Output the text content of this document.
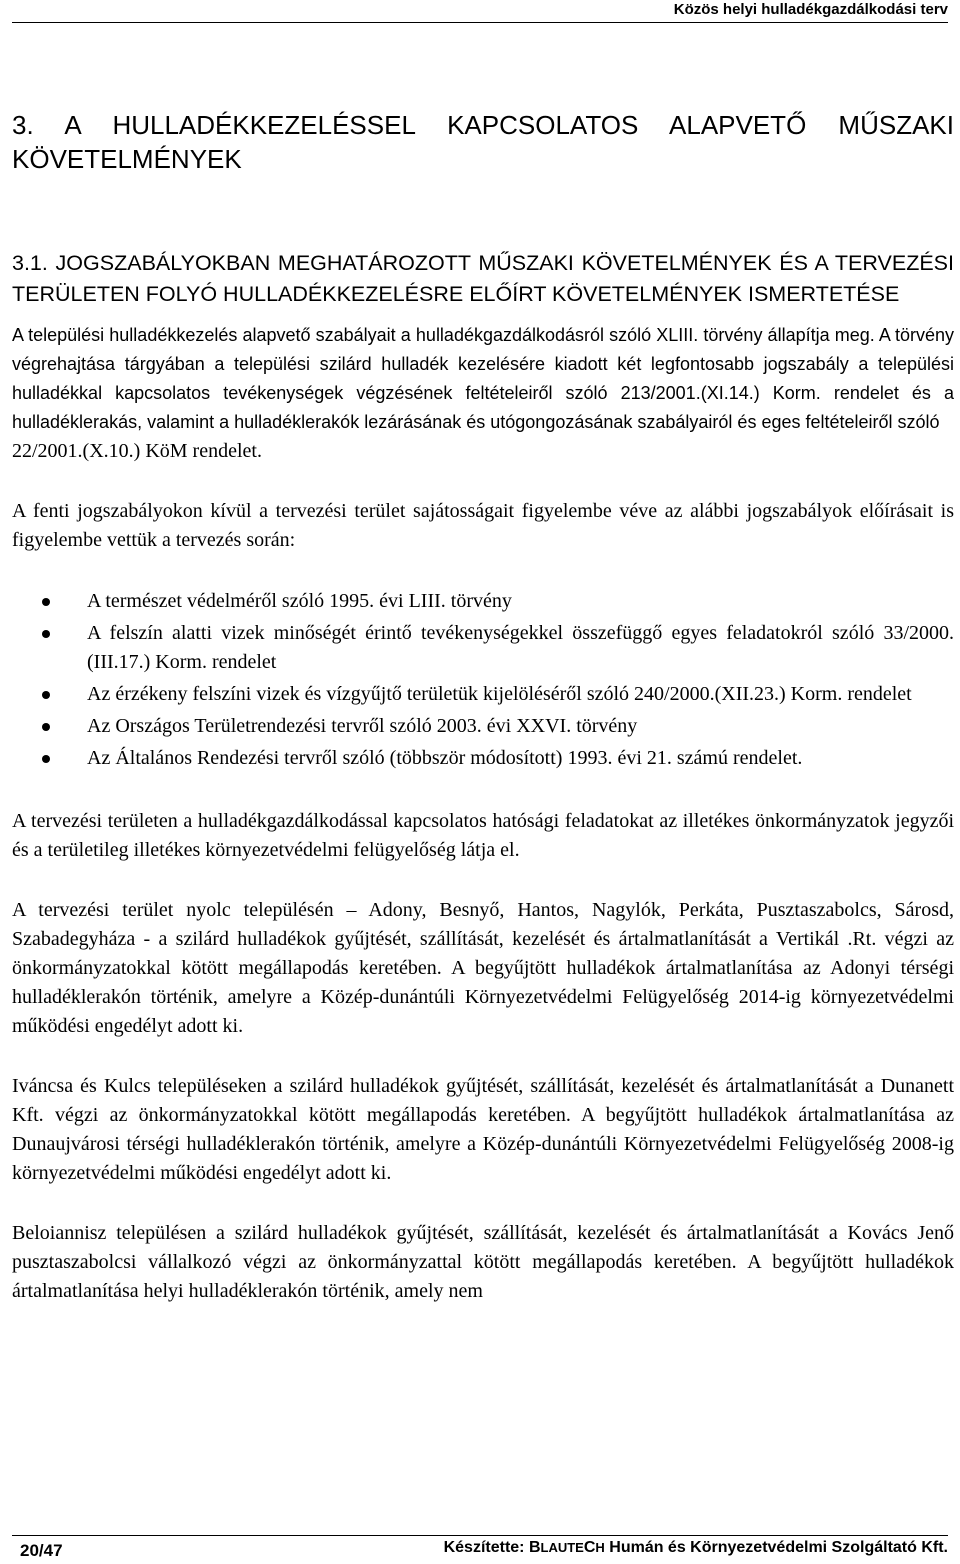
Közös helyi hulladékgazdálkodási terv
3. A HULLADÉKKEZELÉSSEL KAPCSOLATOS ALAPVETŐ MŰSZAKI KÖVETELMÉNYEK
3.1. JOGSZABÁLYOKBAN MEGHATÁROZOTT MŰSZAKI KÖVETELMÉNYEK ÉS A TERVEZÉSI TERÜLETEN FOLYÓ HULLADÉKKEZELÉSRE ELŐÍRT KÖVETELMÉNYEK ISMERTETÉSE

A települési hulladékkezelés alapvető szabályait a hulladékgazdálkodásról szóló XLIII. törvény állapítja meg. A törvény végrehajtása tárgyában a települési szilárd hulladék kezelésére kiadott két legfontosabb jogszabály a települési hulladékkal kapcsolatos tevékenységek végzésének feltételeiről szóló 213/2001.(XI.14.) Korm. rendelet és a hulladéklerakás, valamint a hulladéklerakók lezárásának és utógongozásának szabályairól és eges feltételeiről szóló

22/2001.(X.10.) KöM rendelet.

A fenti jogszabályokon kívül a tervezési terület sajátosságait figyelembe véve az alábbi jogszabályok előírásait is figyelembe vettük a tervezés során:

A természet védelméről szóló 1995. évi LIII. törvény
A felszín alatti vizek minőségét érintő tevékenységekkel összefüggő egyes feladatokról szóló 33/2000.(III.17.) Korm. rendelet
Az érzékeny felszíni vizek és vízgyűjtő területük kijelöléséről szóló 240/2000.(XII.23.) Korm. rendelet
Az Országos Területrendezési tervről szóló 2003. évi XXVI. törvény
Az Általános Rendezési tervről szóló (többször módosított) 1993. évi 21. számú rendelet.

A tervezési területen a hulladékgazdálkodással kapcsolatos hatósági feladatokat az illetékes önkormányzatok jegyzői és a területileg illetékes környezetvédelmi felügyelőség látja el.

A tervezési terület nyolc településén – Adony, Besnyő, Hantos, Nagylók, Perkáta, Pusztaszabolcs, Sárosd, Szabadegyháza - a szilárd hulladékok gyűjtését, szállítását, kezelését és ártalmatlanítását a Vertikál .Rt. végzi az önkormányzatokkal kötött megállapodás keretében. A begyűjtött hulladékok ártalmatlanítása az Adonyi térségi hulladéklerakón történik, amelyre a Közép-dunántúli Környezetvédelmi Felügyelőség 2014-ig környezetvédelmi működési engedélyt adott ki.

Iváncsa és Kulcs településeken a szilárd hulladékok gyűjtését, szállítását, kezelését és ártalmatlanítását a Dunanett Kft. végzi az önkormányzatokkal kötött megállapodás keretében. A begyűjtött hulladékok ártalmatlanítása az Dunaujvárosi térségi hulladéklerakón történik, amelyre a Közép-dunántúli Környezetvédelmi Felügyelőség 2008-ig környezetvédelmi működési engedélyt adott ki.

Beloiannisz településen a szilárd hulladékok gyűjtését, szállítását, kezelését és ártalmatlanítását a Kovács Jenő pusztaszabolcsi vállalkozó végzi az önkormányzattal kötött megállapodás keretében. A begyűjtött hulladékok ártalmatlanítása helyi hulladéklerakón történik, amely nem

20/47	Készítette: BLAUTECH Humán és Környezetvédelmi Szolgáltató Kft.
